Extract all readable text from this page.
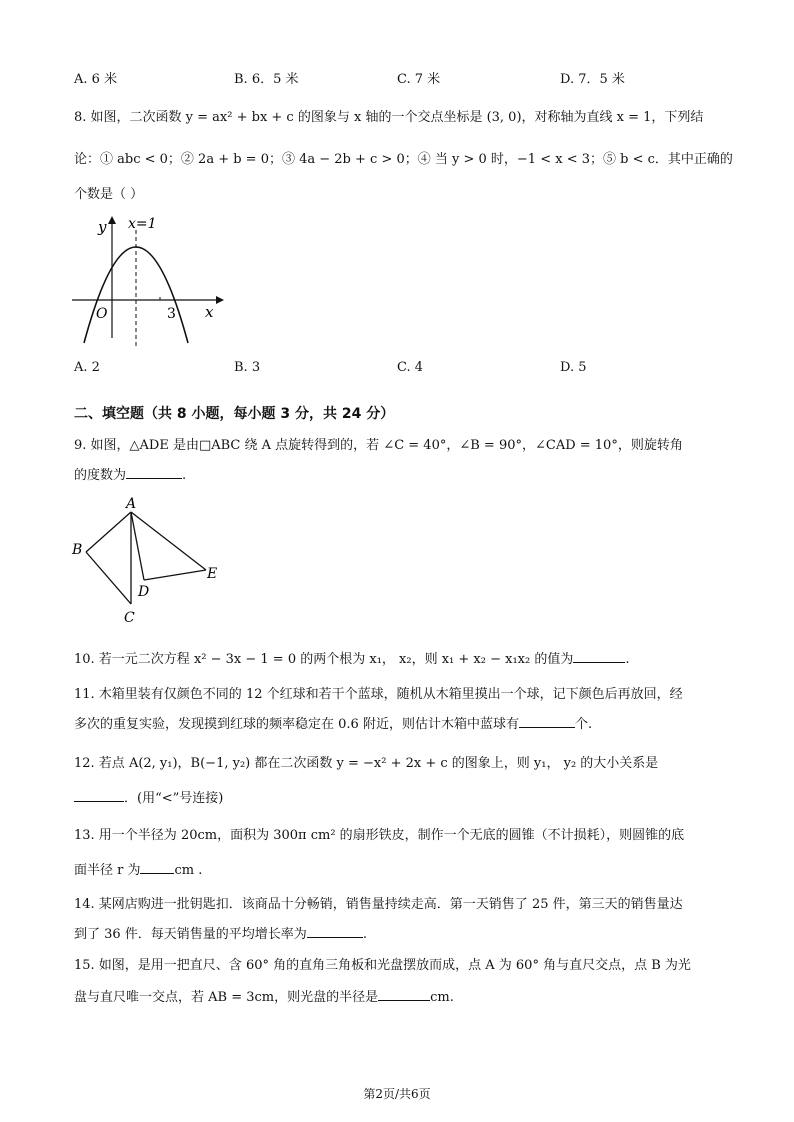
A. 6 米	B. 6．5 米	C. 7 米	D. 7．5 米
8. 如图，二次函数 y = ax² + bx + c 的图象与 x 轴的一个交点坐标是 (3, 0)，对称轴为直线 x = 1，下列结
论：① abc < 0；② 2a + b = 0；③ 4a − 2b + c > 0；④ 当 y > 0 时，−1 < x < 3；⑤ b < c．其中正确的
个数是（ ）
y x=1
O	3 x
A. 2	B. 3	C. 4	D. 5
二、填空题（共 8 小题，每小题 3 分，共 24 分）
9. 如图，△ADE 是由□ABC 绕 A 点旋转得到的，若 ∠C = 40°，∠B = 90°，∠CAD = 10°，则旋转角
的度数为	.
A
B
C
D
E
10. 若一元二次方程 x² − 3x − 1 = 0 的两个根为 x₁， x₂，则 x₁ + x₂ − x₁x₂ 的值为	.
11. 木箱里装有仅颜色不同的 12 个红球和若干个蓝球，随机从木箱里摸出一个球，记下颜色后再放回，经
多次的重复实验，发现摸到红球的频率稳定在 0.6 附近，则估计木箱中蓝球有	个.
12. 若点 A(2, y₁)，B(−1, y₂) 都在二次函数 y = −x² + 2x + c 的图象上，则 y₁， y₂ 的大小关系是
．(用“<”号连接)
13. 用一个半径为 20cm，面积为 300π cm² 的扇形铁皮，制作一个无底的圆锥（不计损耗），则圆锥的底
面半径 r 为	cm .
14. 某网店购进一批钥匙扣．该商品十分畅销，销售量持续走高．第一天销售了 25 件，第三天的销售量达
到了 36 件．每天销售量的平均增长率为	.
15. 如图，是用一把直尺、含 60° 角的直角三角板和光盘摆放而成，点 A 为 60° 角与直尺交点，点 B 为光
盘与直尺唯一交点，若 AB = 3cm，则光盘的半径是	cm.
第2页/共6页
